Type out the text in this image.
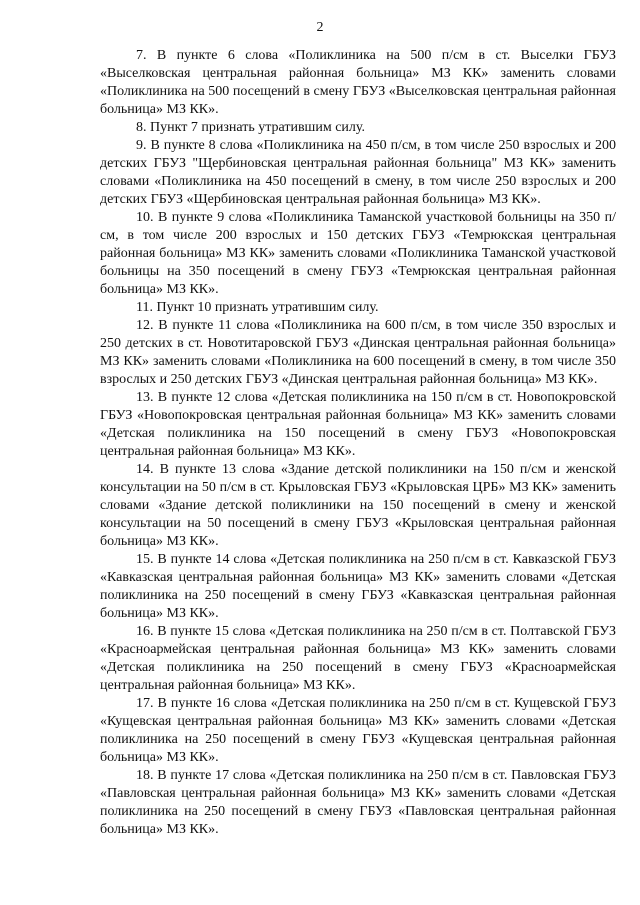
2

7. В пункте 6 слова «Поликлиника на 500 п/см в ст. Выселки ГБУЗ «Выселковская центральная районная больница» МЗ КК» заменить словами «Поликлиника на 500 посещений в смену ГБУЗ «Выселковская центральная районная больница» МЗ КК».

8. Пункт 7 признать утратившим силу.

9. В пункте 8 слова «Поликлиника на 450 п/см, в том числе 250 взрослых и 200 детских ГБУЗ "Щербиновская центральная районная больница" МЗ КК» заменить словами «Поликлиника на 450 посещений в смену, в том числе 250 взрослых и 200 детских ГБУЗ «Щербиновская центральная районная больница» МЗ КК».

10. В пункте 9 слова «Поликлиника Таманской участковой больницы на 350 п/см, в том числе 200 взрослых и 150 детских ГБУЗ «Темрюкская центральная районная больница» МЗ КК» заменить словами «Поликлиника Таманской участковой больницы на 350 посещений в смену ГБУЗ «Темрюкская центральная районная больница» МЗ КК».

11. Пункт 10 признать утратившим силу.

12. В пункте 11 слова «Поликлиника на 600 п/см, в том числе 350 взрослых и 250 детских в ст. Новотитаровской ГБУЗ «Динская центральная районная больница» МЗ КК» заменить словами «Поликлиника на 600 посещений в смену, в том числе 350 взрослых и 250 детских ГБУЗ «Динская центральная районная больница» МЗ КК».

13. В пункте 12 слова «Детская поликлиника на 150 п/см в ст. Новопокровской ГБУЗ «Новопокровская центральная районная больница» МЗ КК» заменить словами «Детская поликлиника на 150 посещений в смену ГБУЗ «Новопокровская центральная районная больница» МЗ КК».

14. В пункте 13 слова «Здание детской поликлиники на 150 п/см и женской консультации на 50 п/см в ст. Крыловская ГБУЗ «Крыловская ЦРБ» МЗ КК» заменить словами «Здание детской поликлиники на 150 посещений в смену и женской консультации на 50 посещений в смену ГБУЗ «Крыловская центральная районная больница» МЗ КК».

15. В пункте 14 слова «Детская поликлиника на 250 п/см в ст. Кавказской ГБУЗ «Кавказская центральная районная больница» МЗ КК» заменить словами «Детская поликлиника на 250 посещений в смену ГБУЗ «Кавказская центральная районная больница» МЗ КК».

16. В пункте 15 слова «Детская поликлиника на 250 п/см в ст. Полтавской ГБУЗ «Красноармейская центральная районная больница» МЗ КК» заменить словами «Детская поликлиника на 250 посещений в смену ГБУЗ «Красноармейская центральная районная больница» МЗ КК».

17. В пункте 16 слова «Детская поликлиника на 250 п/см в ст. Кущевской ГБУЗ «Кущевская центральная районная больница» МЗ КК» заменить словами «Детская поликлиника на 250 посещений в смену ГБУЗ «Кущевская центральная районная больница» МЗ КК».

18. В пункте 17 слова «Детская поликлиника на 250 п/см в ст. Павловская ГБУЗ «Павловская центральная районная больница» МЗ КК» заменить словами «Детская поликлиника на 250 посещений в смену ГБУЗ «Павловская центральная районная больница» МЗ КК».
